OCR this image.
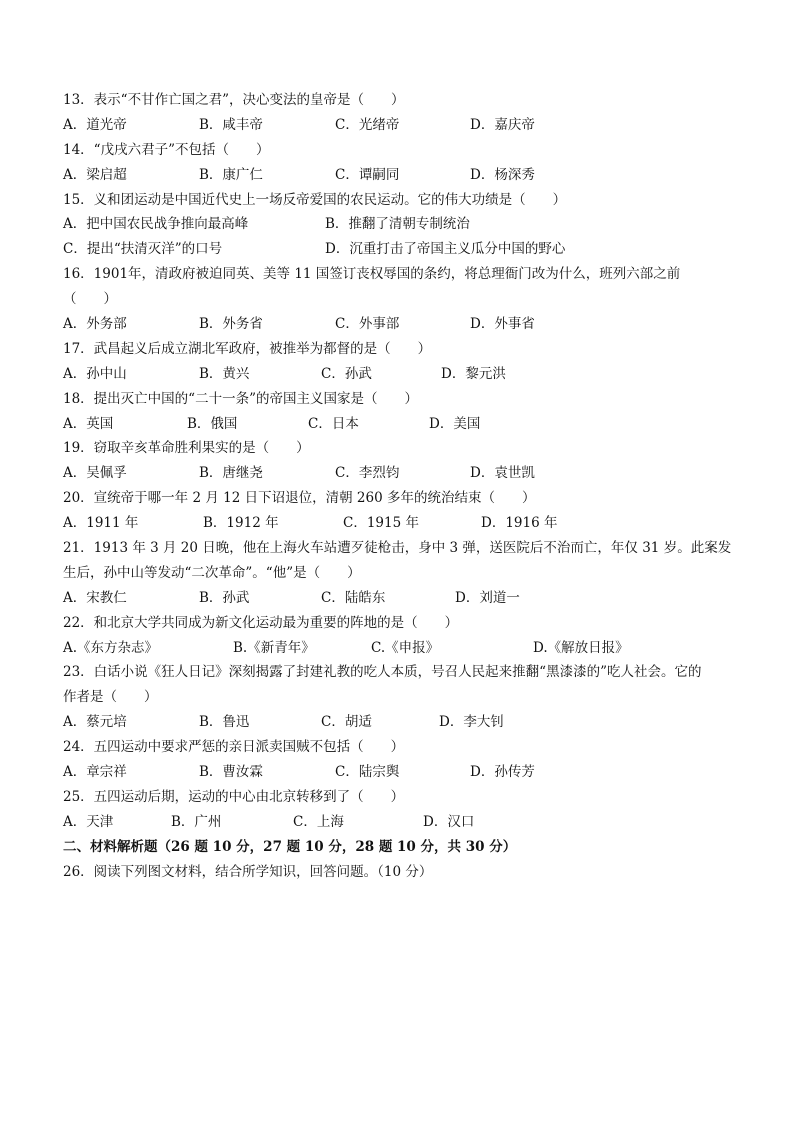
13．表示“不甘作亡国之君”，决心变法的皇帝是（　　）
A．道光帝	B．咸丰帝	C．光绪帝	D．嘉庆帝
14．“戊戌六君子”不包括（　　）
A．梁启超	B．康广仁	C．谭嗣同	D．杨深秀
15．义和团运动是中国近代史上一场反帝爱国的农民运动。它的伟大功绩是（　　）
A．把中国农民战争推向最高峰	B．推翻了清朝专制统治
C．提出“扶清灭洋”的口号	D．沉重打击了帝国主义瓜分中国的野心
16．1901年，清政府被迫同英、美等 11 国签订丧权辱国的条约，将总理衙门改为什么，班列六部之前
（　　）
A．外务部	B．外务省	C．外事部	D．外事省
17．武昌起义后成立湖北军政府，被推举为都督的是（　　）
A．孙中山	B．黄兴	C．孙武	D．黎元洪
18．提出灭亡中国的“二十一条”的帝国主义国家是（　　）
A．英国	B．俄国	C．日本	D．美国
19．窃取辛亥革命胜利果实的是（　　）
A．吴佩孚	B．唐继尧	C．李烈钧	D．袁世凯
20．宣统帝于哪一年 2 月 12 日下诏退位，清朝 260 多年的统治结束（　　）
A．1911 年	B．1912 年	C．1915 年	D．1916 年
21．1913 年 3 月 20 日晚，他在上海火车站遭歹徒枪击，身中 3 弹，送医院后不治而亡，年仅 31 岁。此案发
生后，孙中山等发动“二次革命”。“他”是（　　）
A．宋教仁	B．孙武	C．陆皓东	D．刘道一
22．和北京大学共同成为新文化运动最为重要的阵地的是（　　）
A.《东方杂志》	B.《新青年》	C.《申报》	D.《解放日报》
23．白话小说《狂人日记》深刻揭露了封建礼教的吃人本质，号召人民起来推翻“黑漆漆的”吃人社会。它的
作者是（　　）
A．蔡元培	B．鲁迅	C．胡适	D．李大钊
24．五四运动中要求严惩的亲日派卖国贼不包括（　　）
A．章宗祥	B．曹汝霖	C．陆宗舆	D．孙传芳
25．五四运动后期，运动的中心由北京转移到了（　　）
A．天津	B．广州	C．上海	D．汉口
二、材料解析题（26 题 10 分，27 题 10 分，28 题 10 分，共 30 分）
26．阅读下列图文材料，结合所学知识，回答问题。（10 分）
